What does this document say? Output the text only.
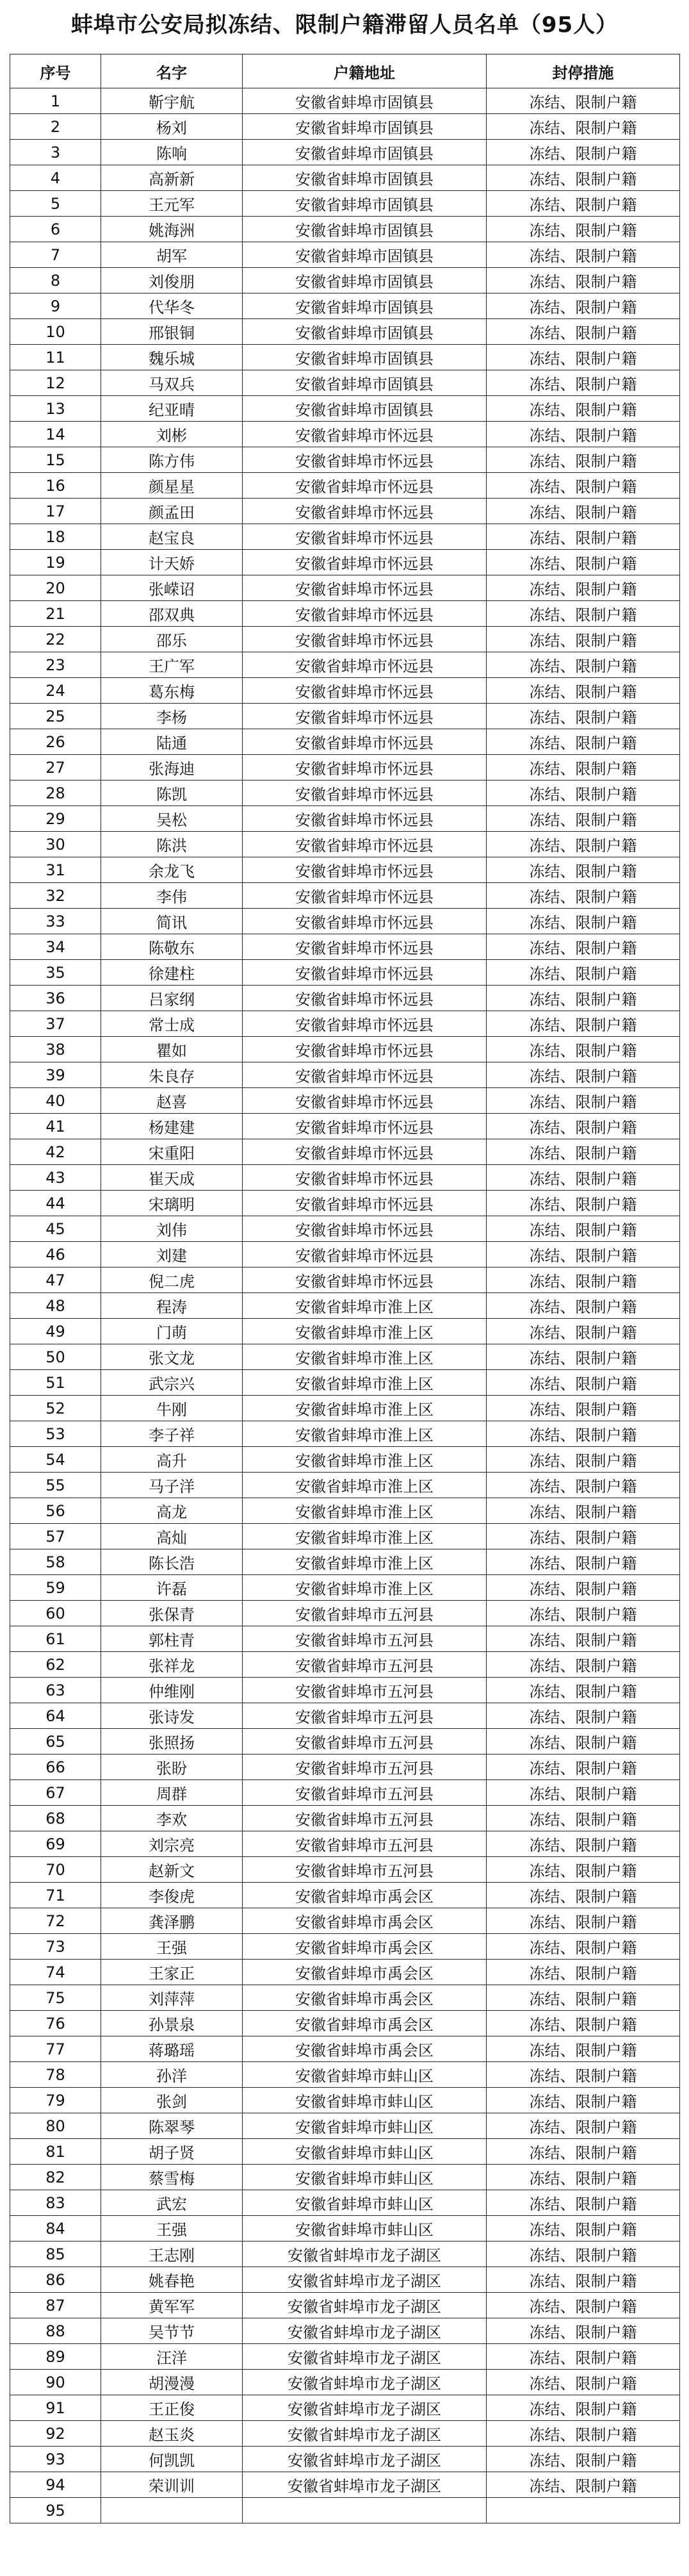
蚌埠市公安局拟冻结、限制户籍滞留人员名单（95人）
序号	名字	户籍地址	封停措施
1	靳宇航	安徽省蚌埠市固镇县	冻结、限制户籍
2	杨刘	安徽省蚌埠市固镇县	冻结、限制户籍
3	陈响	安徽省蚌埠市固镇县	冻结、限制户籍
4	高新新	安徽省蚌埠市固镇县	冻结、限制户籍
5	王元军	安徽省蚌埠市固镇县	冻结、限制户籍
6	姚海洲	安徽省蚌埠市固镇县	冻结、限制户籍
7	胡军	安徽省蚌埠市固镇县	冻结、限制户籍
8	刘俊朋	安徽省蚌埠市固镇县	冻结、限制户籍
9	代华冬	安徽省蚌埠市固镇县	冻结、限制户籍
10	邢银铜	安徽省蚌埠市固镇县	冻结、限制户籍
11	魏乐城	安徽省蚌埠市固镇县	冻结、限制户籍
12	马双兵	安徽省蚌埠市固镇县	冻结、限制户籍
13	纪亚晴	安徽省蚌埠市固镇县	冻结、限制户籍
14	刘彬	安徽省蚌埠市怀远县	冻结、限制户籍
15	陈方伟	安徽省蚌埠市怀远县	冻结、限制户籍
16	颜星星	安徽省蚌埠市怀远县	冻结、限制户籍
17	颜孟田	安徽省蚌埠市怀远县	冻结、限制户籍
18	赵宝良	安徽省蚌埠市怀远县	冻结、限制户籍
19	计天娇	安徽省蚌埠市怀远县	冻结、限制户籍
20	张嵘诏	安徽省蚌埠市怀远县	冻结、限制户籍
21	邵双典	安徽省蚌埠市怀远县	冻结、限制户籍
22	邵乐	安徽省蚌埠市怀远县	冻结、限制户籍
23	王广军	安徽省蚌埠市怀远县	冻结、限制户籍
24	葛东梅	安徽省蚌埠市怀远县	冻结、限制户籍
25	李杨	安徽省蚌埠市怀远县	冻结、限制户籍
26	陆通	安徽省蚌埠市怀远县	冻结、限制户籍
27	张海迪	安徽省蚌埠市怀远县	冻结、限制户籍
28	陈凯	安徽省蚌埠市怀远县	冻结、限制户籍
29	吴松	安徽省蚌埠市怀远县	冻结、限制户籍
30	陈洪	安徽省蚌埠市怀远县	冻结、限制户籍
31	余龙飞	安徽省蚌埠市怀远县	冻结、限制户籍
32	李伟	安徽省蚌埠市怀远县	冻结、限制户籍
33	简讯	安徽省蚌埠市怀远县	冻结、限制户籍
34	陈敬东	安徽省蚌埠市怀远县	冻结、限制户籍
35	徐建柱	安徽省蚌埠市怀远县	冻结、限制户籍
36	吕家纲	安徽省蚌埠市怀远县	冻结、限制户籍
37	常士成	安徽省蚌埠市怀远县	冻结、限制户籍
38	瞿如	安徽省蚌埠市怀远县	冻结、限制户籍
39	朱良存	安徽省蚌埠市怀远县	冻结、限制户籍
40	赵喜	安徽省蚌埠市怀远县	冻结、限制户籍
41	杨建建	安徽省蚌埠市怀远县	冻结、限制户籍
42	宋重阳	安徽省蚌埠市怀远县	冻结、限制户籍
43	崔天成	安徽省蚌埠市怀远县	冻结、限制户籍
44	宋璃明	安徽省蚌埠市怀远县	冻结、限制户籍
45	刘伟	安徽省蚌埠市怀远县	冻结、限制户籍
46	刘建	安徽省蚌埠市怀远县	冻结、限制户籍
47	倪二虎	安徽省蚌埠市怀远县	冻结、限制户籍
48	程涛	安徽省蚌埠市淮上区	冻结、限制户籍
49	门萌	安徽省蚌埠市淮上区	冻结、限制户籍
50	张文龙	安徽省蚌埠市淮上区	冻结、限制户籍
51	武宗兴	安徽省蚌埠市淮上区	冻结、限制户籍
52	牛刚	安徽省蚌埠市淮上区	冻结、限制户籍
53	李子祥	安徽省蚌埠市淮上区	冻结、限制户籍
54	高升	安徽省蚌埠市淮上区	冻结、限制户籍
55	马子洋	安徽省蚌埠市淮上区	冻结、限制户籍
56	高龙	安徽省蚌埠市淮上区	冻结、限制户籍
57	高灿	安徽省蚌埠市淮上区	冻结、限制户籍
58	陈长浩	安徽省蚌埠市淮上区	冻结、限制户籍
59	许磊	安徽省蚌埠市淮上区	冻结、限制户籍
60	张保青	安徽省蚌埠市五河县	冻结、限制户籍
61	郭柱青	安徽省蚌埠市五河县	冻结、限制户籍
62	张祥龙	安徽省蚌埠市五河县	冻结、限制户籍
63	仲维刚	安徽省蚌埠市五河县	冻结、限制户籍
64	张诗发	安徽省蚌埠市五河县	冻结、限制户籍
65	张照扬	安徽省蚌埠市五河县	冻结、限制户籍
66	张盼	安徽省蚌埠市五河县	冻结、限制户籍
67	周群	安徽省蚌埠市五河县	冻结、限制户籍
68	李欢	安徽省蚌埠市五河县	冻结、限制户籍
69	刘宗亮	安徽省蚌埠市五河县	冻结、限制户籍
70	赵新文	安徽省蚌埠市五河县	冻结、限制户籍
71	李俊虎	安徽省蚌埠市禹会区	冻结、限制户籍
72	龚泽鹏	安徽省蚌埠市禹会区	冻结、限制户籍
73	王强	安徽省蚌埠市禹会区	冻结、限制户籍
74	王家正	安徽省蚌埠市禹会区	冻结、限制户籍
75	刘萍萍	安徽省蚌埠市禹会区	冻结、限制户籍
76	孙景泉	安徽省蚌埠市禹会区	冻结、限制户籍
77	蒋璐瑶	安徽省蚌埠市禹会区	冻结、限制户籍
78	孙洋	安徽省蚌埠市蚌山区	冻结、限制户籍
79	张剑	安徽省蚌埠市蚌山区	冻结、限制户籍
80	陈翠琴	安徽省蚌埠市蚌山区	冻结、限制户籍
81	胡子贤	安徽省蚌埠市蚌山区	冻结、限制户籍
82	蔡雪梅	安徽省蚌埠市蚌山区	冻结、限制户籍
83	武宏	安徽省蚌埠市蚌山区	冻结、限制户籍
84	王强	安徽省蚌埠市蚌山区	冻结、限制户籍
85	王志刚	安徽省蚌埠市龙子湖区	冻结、限制户籍
86	姚春艳	安徽省蚌埠市龙子湖区	冻结、限制户籍
87	黄军军	安徽省蚌埠市龙子湖区	冻结、限制户籍
88	吴节节	安徽省蚌埠市龙子湖区	冻结、限制户籍
89	汪洋	安徽省蚌埠市龙子湖区	冻结、限制户籍
90	胡漫漫	安徽省蚌埠市龙子湖区	冻结、限制户籍
91	王正俊	安徽省蚌埠市龙子湖区	冻结、限制户籍
92	赵玉炎	安徽省蚌埠市龙子湖区	冻结、限制户籍
93	何凯凯	安徽省蚌埠市龙子湖区	冻结、限制户籍
94	荣训训	安徽省蚌埠市龙子湖区	冻结、限制户籍
95			
